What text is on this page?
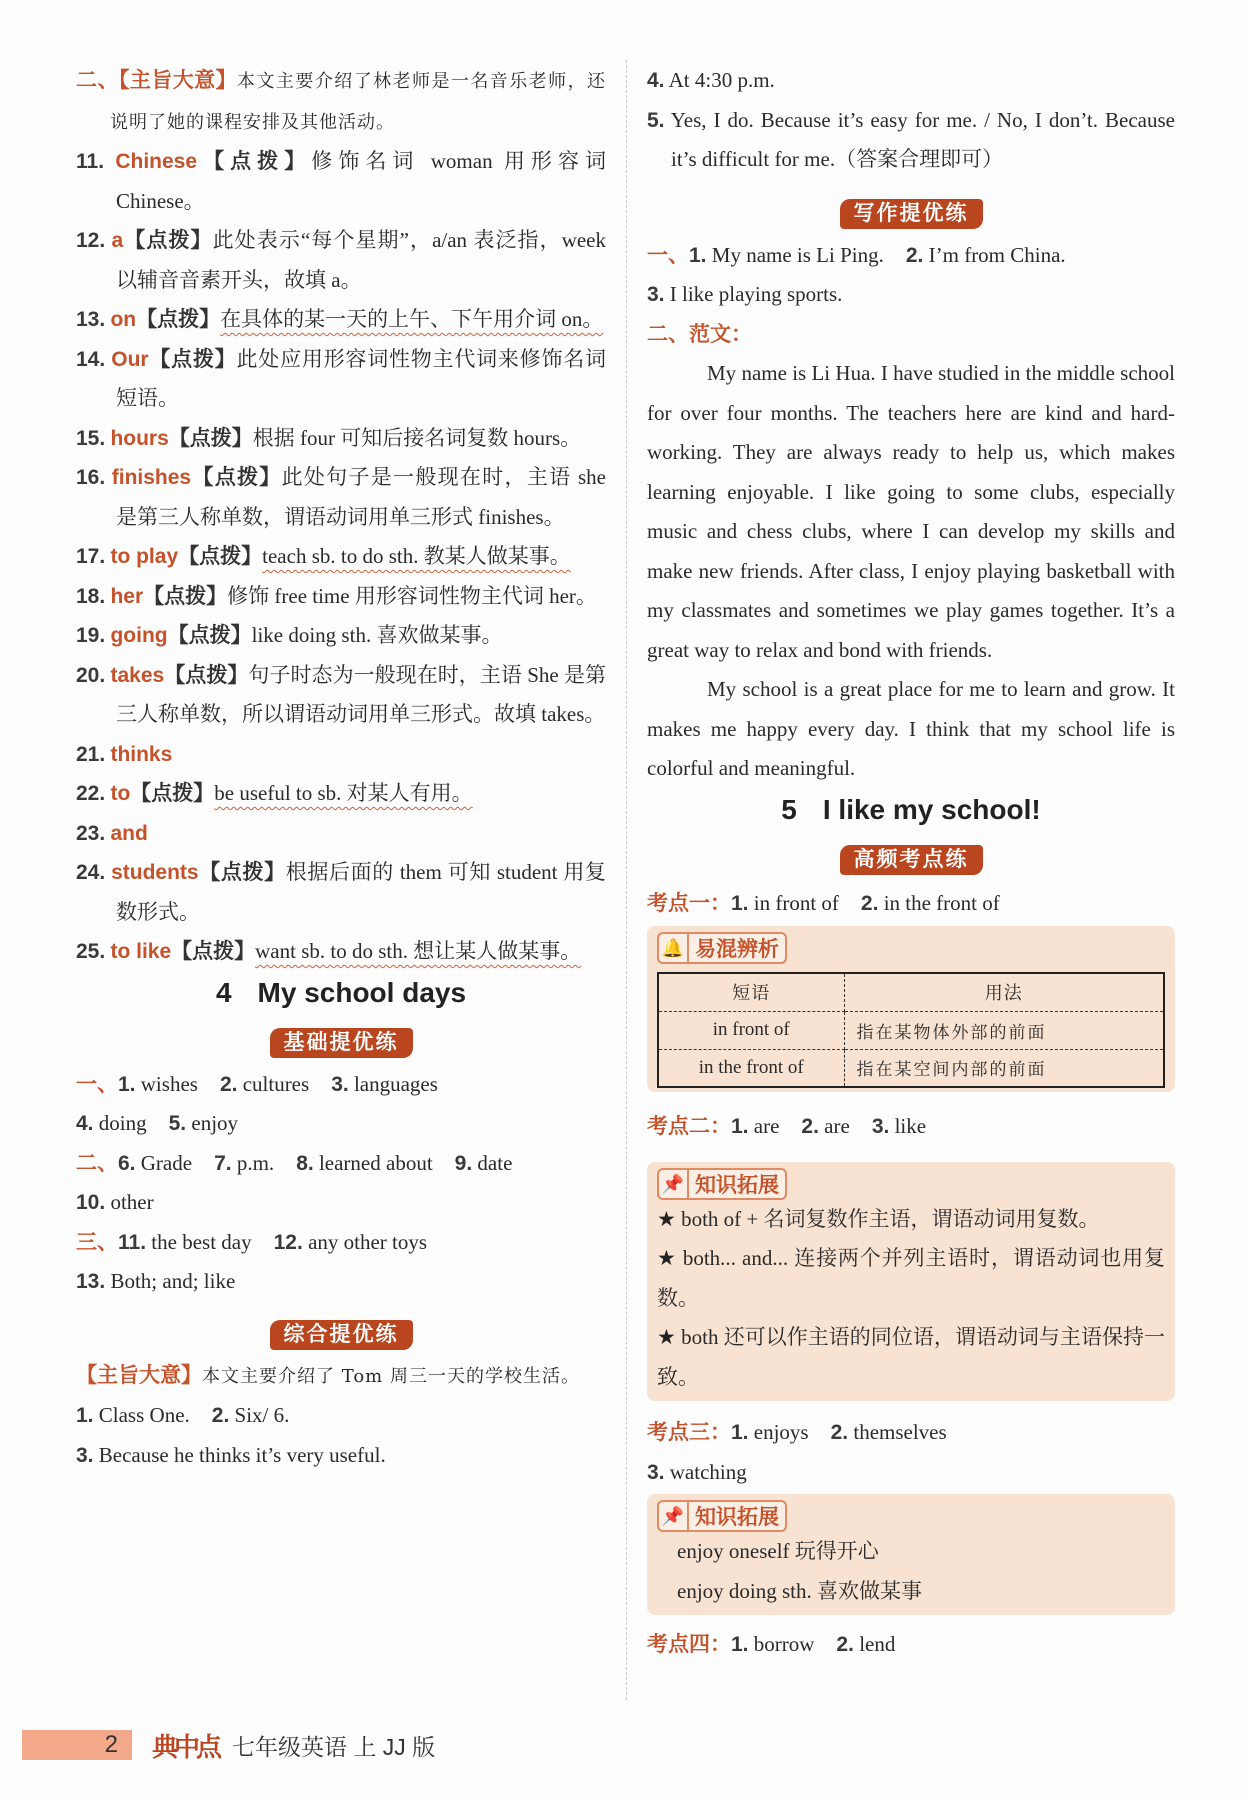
二、【主旨大意】本文主要介绍了林老师是一名音乐老师，还说明了她的课程安排及其他活动。
11. Chinese【点拨】修饰名词 woman 用形容词 Chinese。
12. a【点拨】此处表示“每个星期”，a/an 表泛指，week 以辅音音素开头，故填 a。
13. on【点拨】在具体的某一天的上午、下午用介词 on。
14. Our【点拨】此处应用形容词性物主代词来修饰名词短语。
15. hours【点拨】根据 four 可知后接名词复数 hours。
16. finishes【点拨】此处句子是一般现在时，主语 she 是第三人称单数，谓语动词用单三形式 finishes。
17. to play【点拨】teach sb. to do sth. 教某人做某事。
18. her【点拨】修饰 free time 用形容词性物主代词 her。
19. going【点拨】like doing sth. 喜欢做某事。
20. takes【点拨】句子时态为一般现在时，主语 She 是第三人称单数，所以谓语动词用单三形式。故填 takes。
21. thinks
22. to【点拨】be useful to sb. 对某人有用。
23. and
24. students【点拨】根据后面的 them 可知 student 用复数形式。
25. to like【点拨】want sb. to do sth. 想让某人做某事。
4 My school days
基础提优练
一、1. wishes 2. cultures 3. languages
4. doing 5. enjoy
二、6. Grade 7. p.m. 8. learned about 9. date
10. other
三、11. the best day 12. any other toys
13. Both; and; like
综合提优练
【主旨大意】本文主要介绍了 Tom 周三一天的学校生活。
1. Class One. 2. Six/ 6.
3. Because he thinks it’s very useful.
4. At 4:30 p.m.
5. Yes, I do. Because it’s easy for me. / No, I don’t. Because it’s difficult for me.（答案合理即可）
写作提优练
一、1. My name is Li Ping. 2. I’m from China.
3. I like playing sports.
二、范文：
My name is Li Hua. I have studied in the middle school for over four months. The teachers here are kind and hard-working. They are always ready to help us, which makes learning enjoyable. I like going to some clubs, especially music and chess clubs, where I can develop my skills and make new friends. After class, I enjoy playing basketball with my classmates and sometimes we play games together. It’s a great way to relax and bond with friends.
My school is a great place for me to learn and grow. It makes me happy every day. I think that my school life is colorful and meaningful.
5 I like my school!
高频考点练
考点一：1. in front of 2. in the front of
🔔 易混辨析
短语	用法
in front of	指在某物体外部的前面
in the front of	指在某空间内部的前面
考点二：1. are 2. are 3. like
📌 知识拓展
★ both of + 名词复数作主语，谓语动词用复数。
★ both... and... 连接两个并列主语时，谓语动词也用复数。
★ both 还可以作主语的同位语，谓语动词与主语保持一致。
考点三：1. enjoys 2. themselves
3. watching
📌 知识拓展
enjoy oneself 玩得开心
enjoy doing sth. 喜欢做某事
考点四：1. borrow 2. lend
2	典中点 七年级英语 上 JJ 版
